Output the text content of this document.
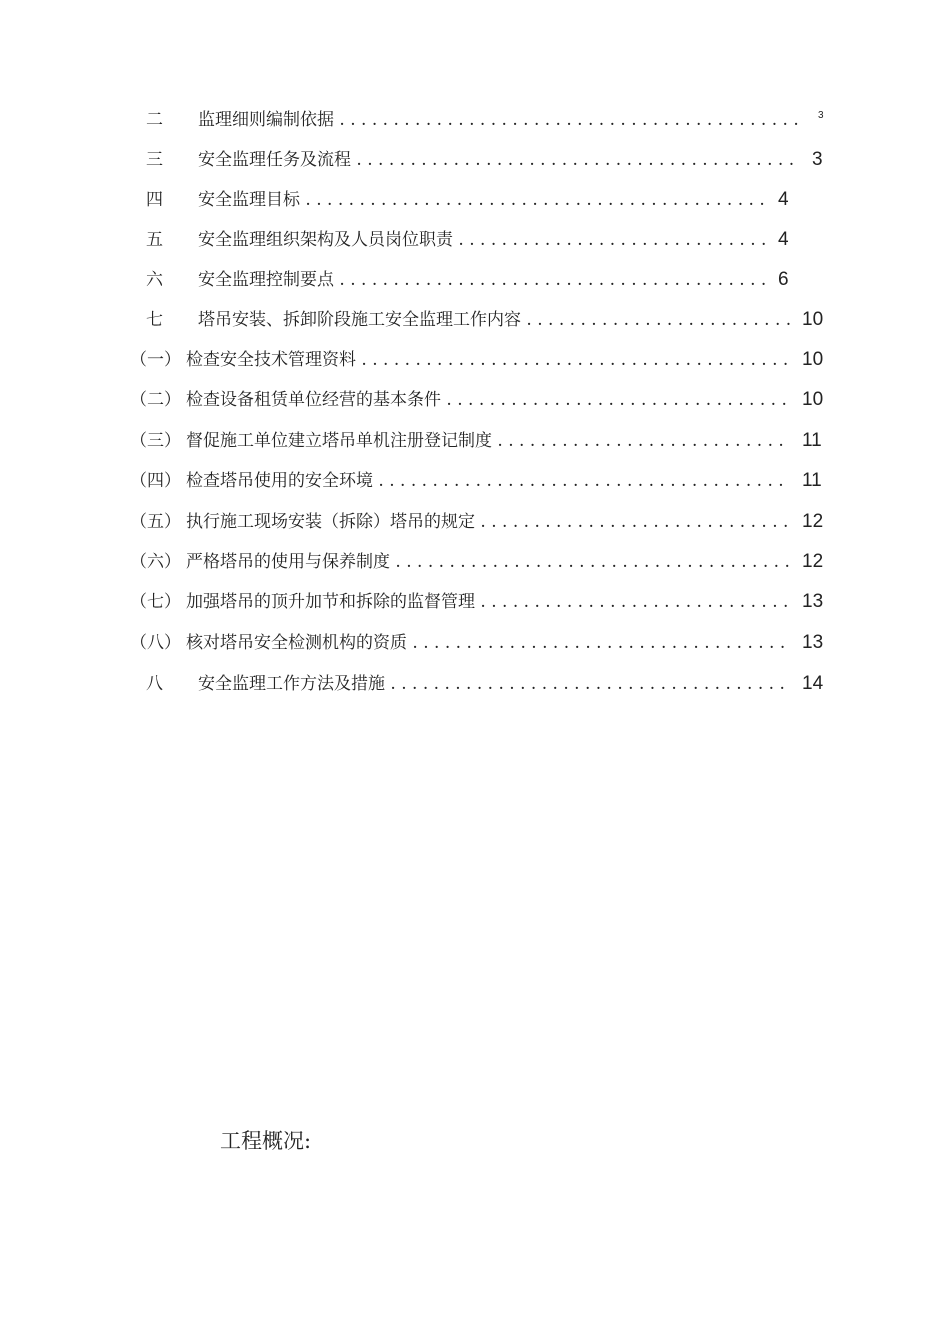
二 监理细则编制依据 . . .	3
三 安全监理任务及流程 . . .	3
四 安全监理目标 . . .	4
五 安全监理组织架构及人员岗位职责 . . .	4
六 安全监理控制要点 . . .	6
七 塔吊安装、拆卸阶段施工安全监理工作内容 . . .	10
（一） 检查安全技术管理资料 . . .	10
（二） 检查设备租赁单位经营的基本条件 . . .	10
（三） 督促施工单位建立塔吊单机注册登记制度 . . .	11
（四） 检查塔吊使用的安全环境 . . .	11
（五） 执行施工现场安装（拆除）塔吊的规定 . . .	12
（六） 严格塔吊的使用与保养制度 . . .	12
（七） 加强塔吊的顶升加节和拆除的监督管理 . . .	13
（八） 核对塔吊安全检测机构的资质 . . .	13
八 安全监理工作方法及措施 . . .	14
工程概况:
